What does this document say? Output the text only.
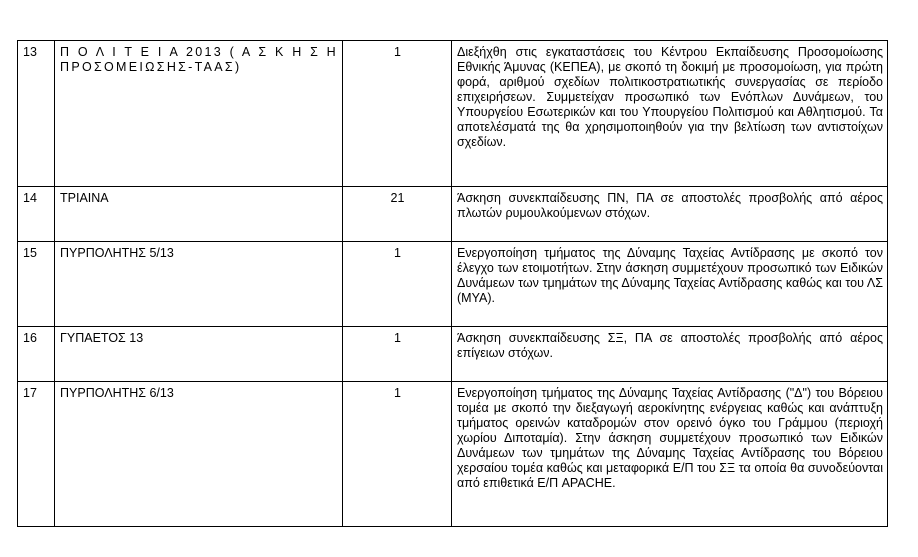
13	Π Ο Λ Ι Τ Ε Ι Α 2013 ( Α Σ Κ Η Σ Η ΠΡΟΣΟΜΕΙΩΣΗΣ-ΤΑΑΣ)	1	Διεξήχθη στις εγκαταστάσεις του Κέντρου Εκπαίδευσης Προσομοίωσης Εθνικής Άμυνας (ΚΕΠΕΑ), με σκοπό τη δοκιμή με προσομοίωση, για πρώτη φορά, αριθμού σχεδίων πολιτικοστρατιωτικής συνεργασίας σε περίοδο επιχειρήσεων. Συμμετείχαν προσωπικό των Ενόπλων Δυνάμεων, του Υπουργείου Εσωτερικών και του Υπουργείου Πολιτισμού και Αθλητισμού. Τα αποτελέσματά της θα χρησιμοποιηθούν για την βελτίωση των αντιστοίχων σχεδίων.
14	ΤΡΙΑΙΝΑ	21	Άσκηση συνεκπαίδευσης ΠΝ, ΠΑ σε αποστολές προσβολής από αέρος πλωτών ρυμουλκούμενων στόχων.
15	ΠΥΡΠΟΛΗΤΗΣ 5/13	1	Ενεργοποίηση τμήματος της Δύναμης Ταχείας Αντίδρασης με σκοπό τον έλεγχο των ετοιμοτήτων. Στην άσκηση συμμετέχουν προσωπικό των Ειδικών Δυνάμεων των τμημάτων της Δύναμης Ταχείας Αντίδρασης καθώς και του ΛΣ (ΜΥΑ).
16	ΓΥΠΑΕΤΟΣ 13	1	Άσκηση συνεκπαίδευσης ΣΞ, ΠΑ σε αποστολές προσβολής από αέρος επίγειων στόχων.
17	ΠΥΡΠΟΛΗΤΗΣ 6/13	1	Ενεργοποίηση τμήματος της Δύναμης Ταχείας Αντίδρασης ("Δ") του Βόρειου τομέα με σκοπό την διεξαγωγή αεροκίνητης ενέργειας καθώς και ανάπτυξη τμήματος ορεινών καταδρομών στον ορεινό όγκο του Γράμμου (περιοχή χωρίου Διποταμία). Στην άσκηση συμμετέχουν προσωπικό των Ειδικών Δυνάμεων των τμημάτων της Δύναμης Ταχείας Αντίδρασης του Βόρειου χερσαίου τομέα καθώς και μεταφορικά Ε/Π του ΣΞ τα οποία θα συνοδεύονται από επιθετικά Ε/Π APACHE.
